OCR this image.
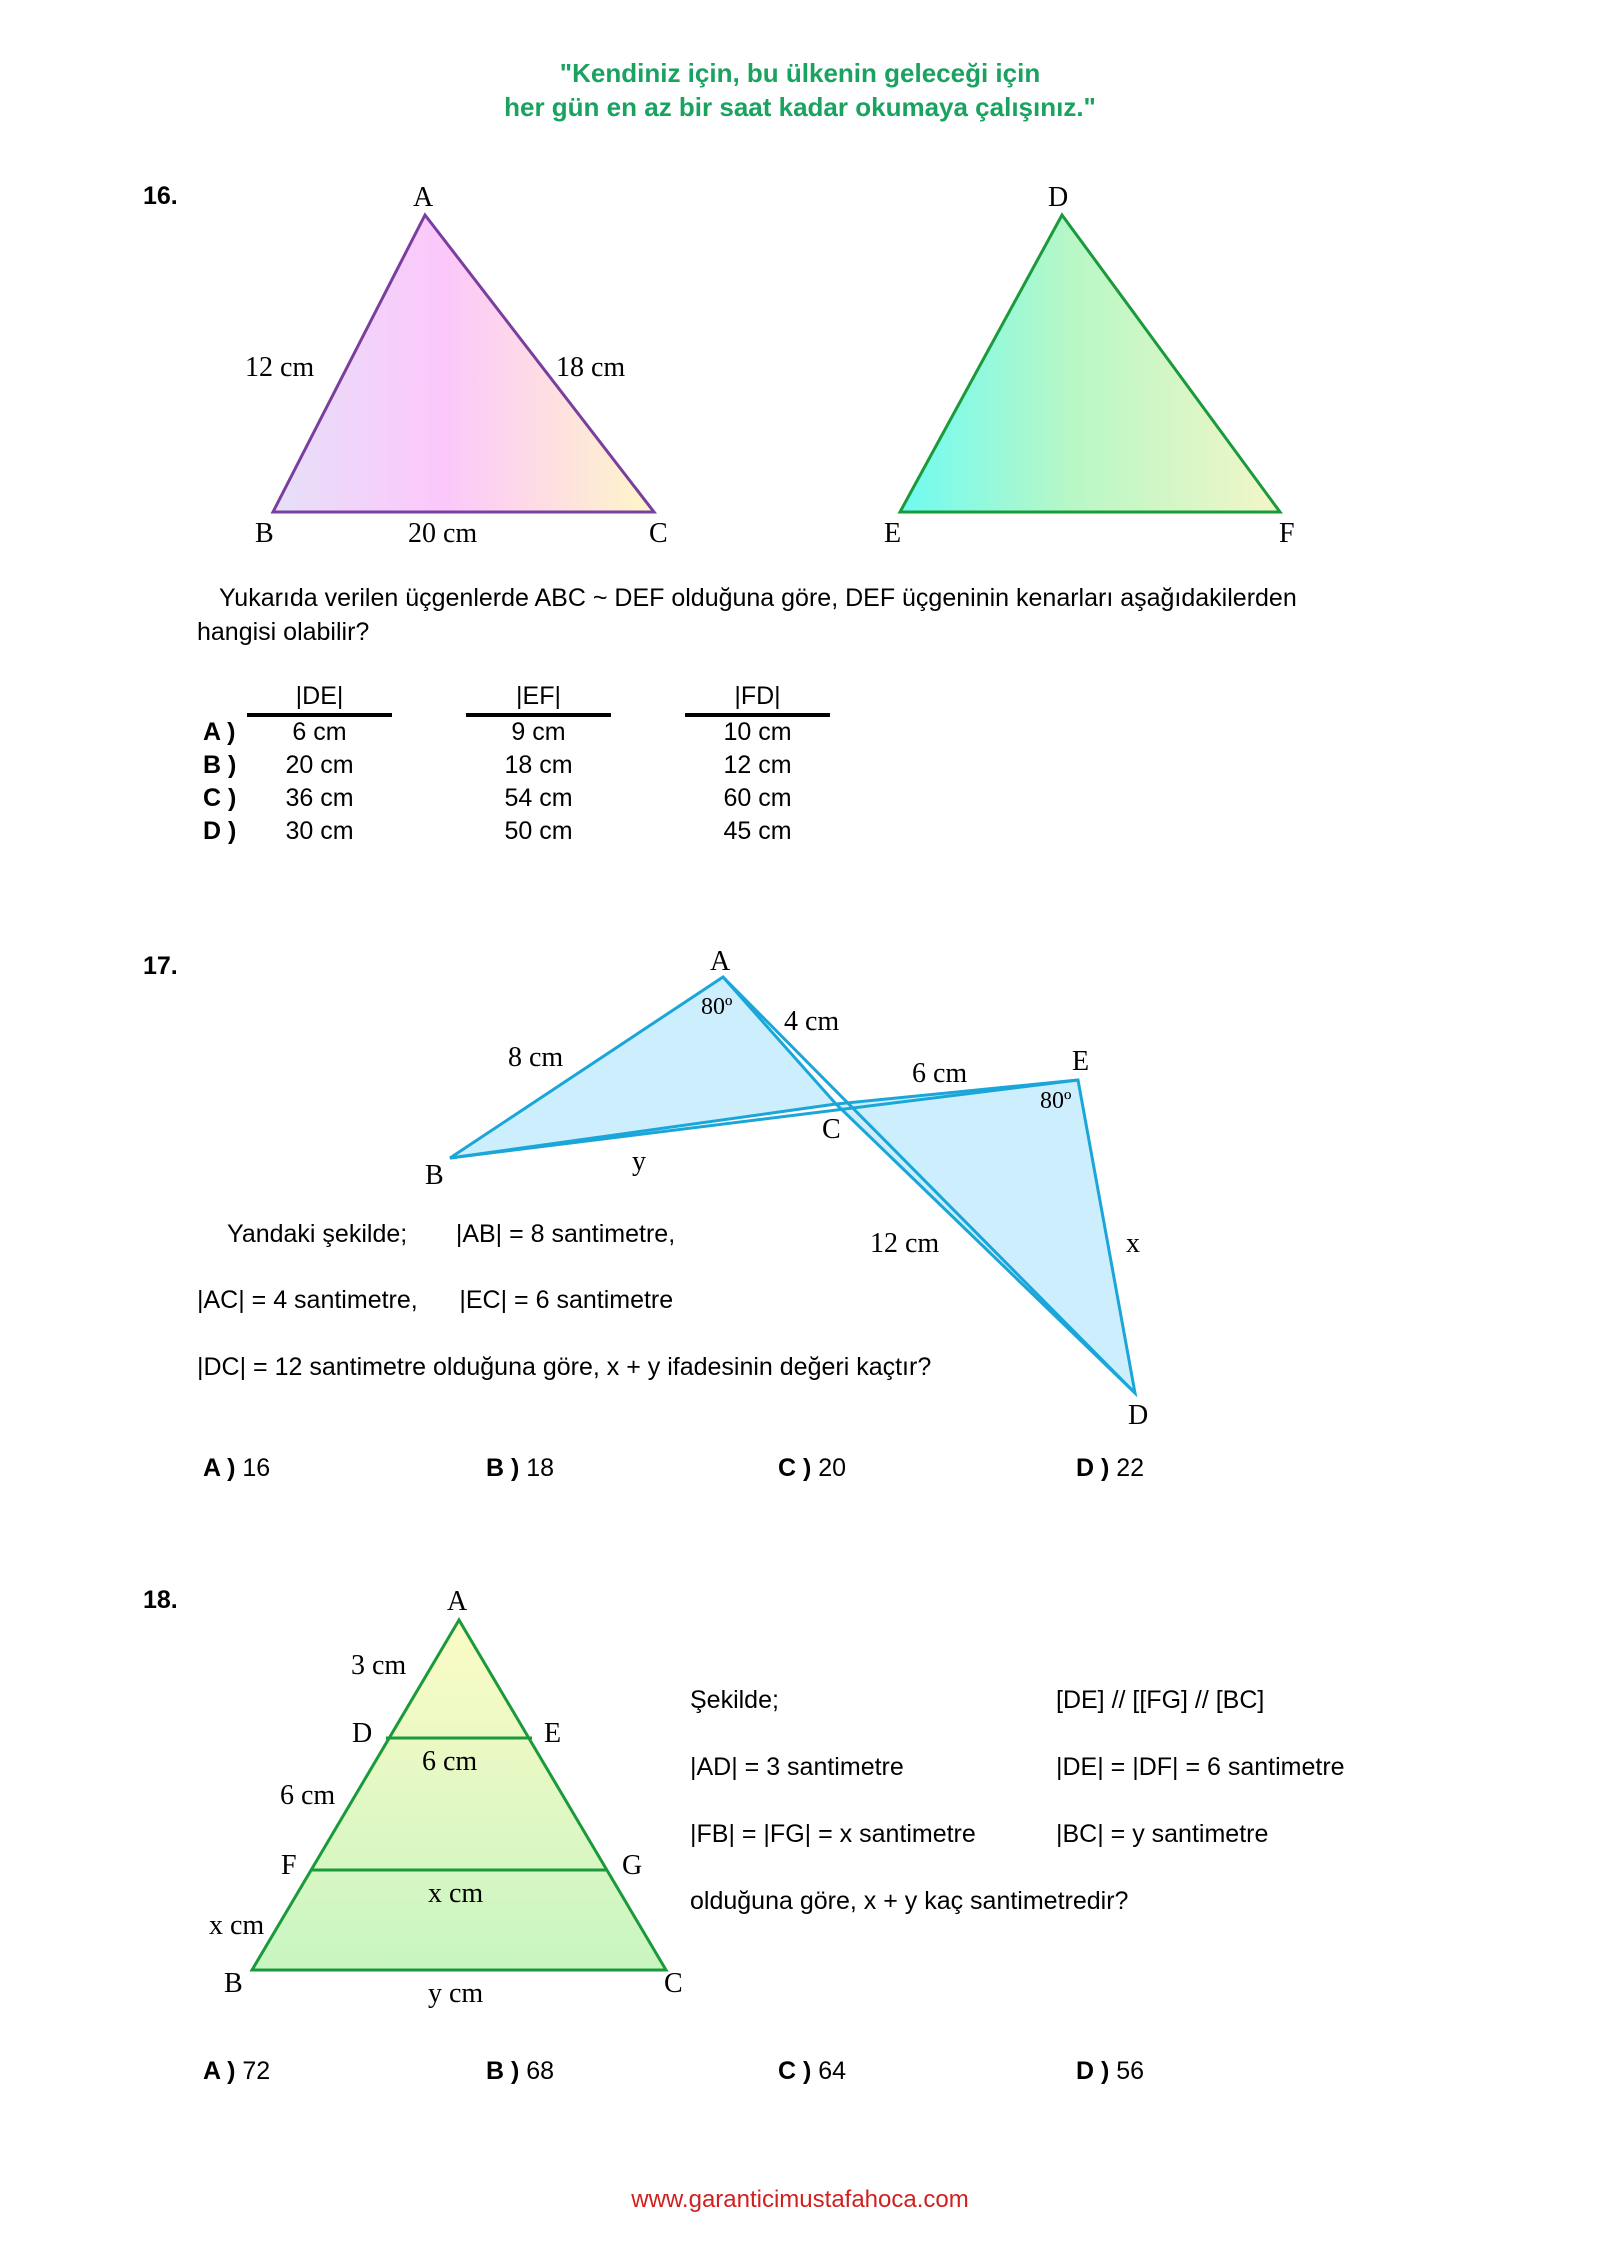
"Kendiniz için, bu ülkenin geleceği için
her gün en az bir saat kadar okumaya çalışınız."
16.	A
B	C
D
E	F
12 cm	18 cm
20 cm
Yukarıda verilen üçgenlerde ABC ~ DEF olduğuna göre, DEF üçgeninin kenarları aşağıdakilerden
hangisi olabilir?
|DE|	|EF|	|FD|
A )	6 cm	9 cm	10 cm
B )	20 cm	18 cm	12 cm
C )	36 cm	54 cm	60 cm
D )	30 cm	50 cm	45 cm
17.	A
B
C
D
E
80º
80º
8 cm
4 cm
6 cm
y
12 cm	x
Yandaki şekilde;       |AB| = 8 santimetre,
|AC| = 4 santimetre,      |EC| = 6 santimetre
|DC| = 12 santimetre olduğuna göre, x + y ifadesinin değeri kaçtır?
A ) 16	B ) 18	C ) 20	D ) 22
18.	A
B	C
D	E
F	G
3 cm
6 cm
x cm
6 cm
x cm
y cm
Şekilde;
|AD| = 3 santimetre
|FB| = |FG| = x santimetre
olduğuna göre, x + y kaç santimetredir?
[DE] // [[FG] // [BC]
|DE| = |DF| = 6 santimetre
|BC| = y santimetre
A ) 72	B ) 68	C ) 64	D ) 56
www.garanticimustafahoca.com
